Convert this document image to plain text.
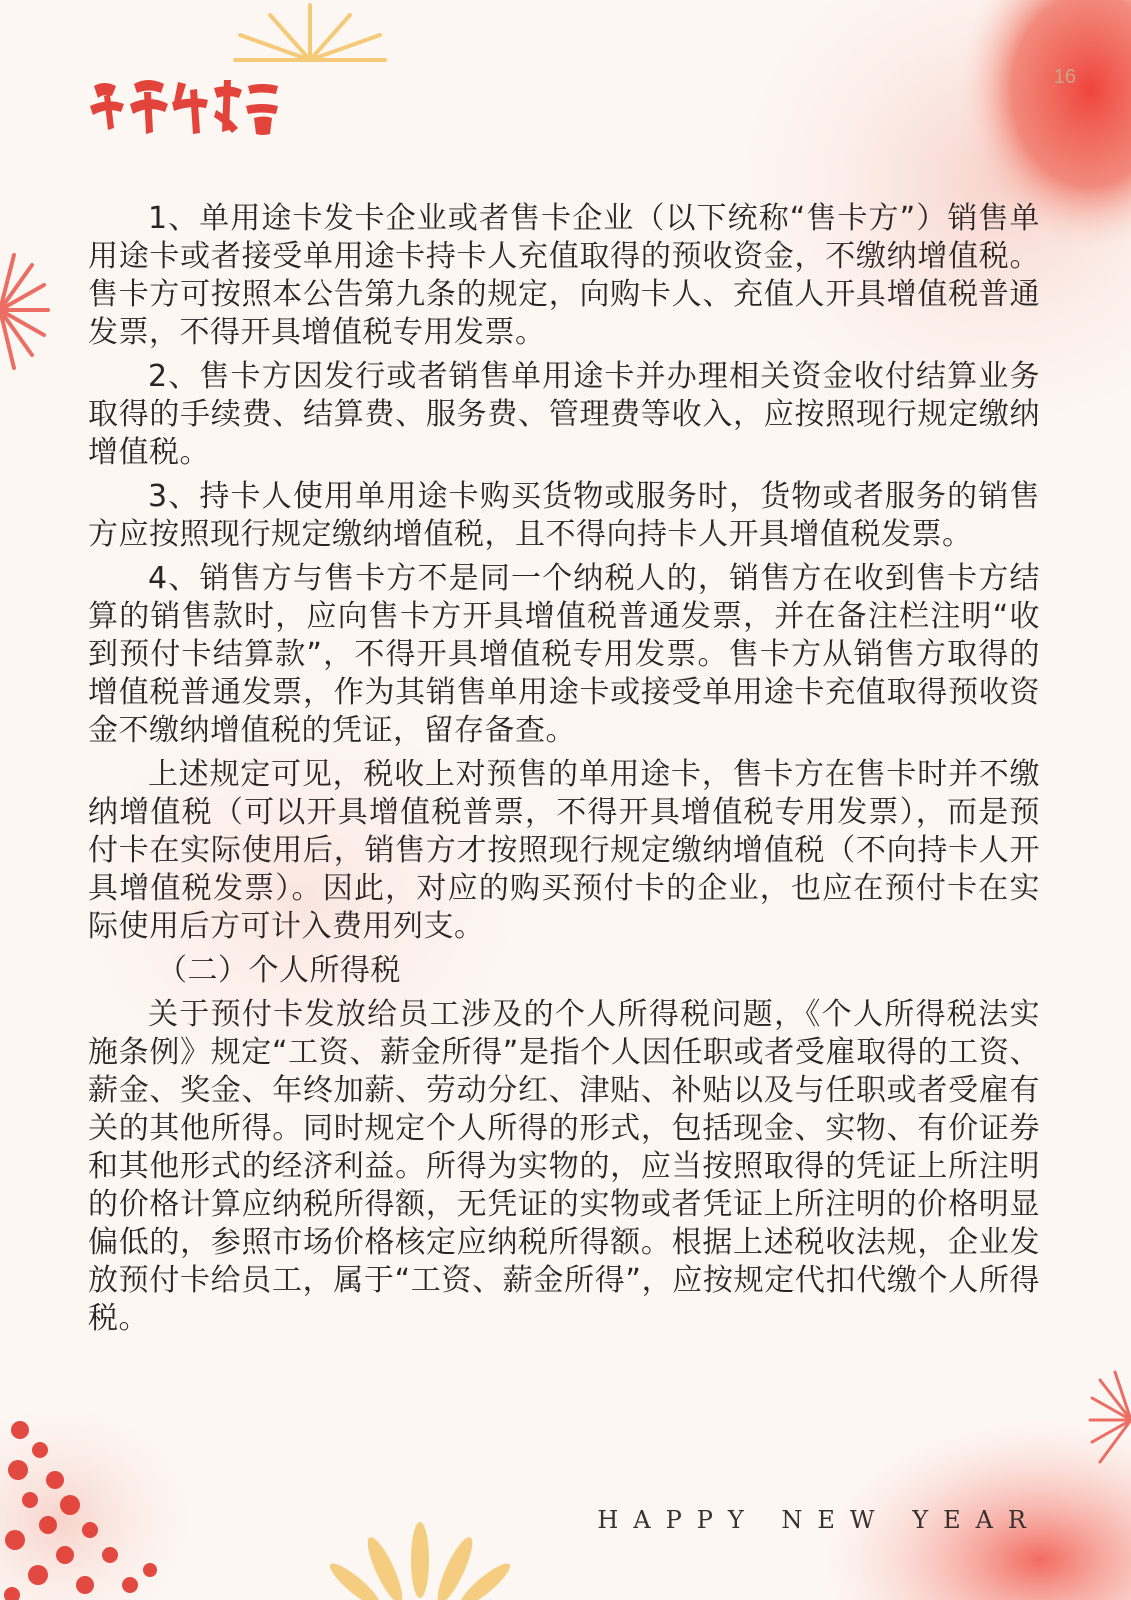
16

1、单用途卡发卡企业或者售卡企业（以下统称“售卡方”）销售单用途卡或者接受单用途卡持卡人充值取得的预收资金，不缴纳增值税。售卡方可按照本公告第九条的规定，向购卡人、充值人开具增值税普通发票，不得开具增值税专用发票。

2、售卡方因发行或者销售单用途卡并办理相关资金收付结算业务取得的手续费、结算费、服务费、管理费等收入，应按照现行规定缴纳增值税。

3、持卡人使用单用途卡购买货物或服务时，货物或者服务的销售方应按照现行规定缴纳增值税，且不得向持卡人开具增值税发票。

4、销售方与售卡方不是同一个纳税人的，销售方在收到售卡方结算的销售款时，应向售卡方开具增值税普通发票，并在备注栏注明“收到预付卡结算款”，不得开具增值税专用发票。售卡方从销售方取得的增值税普通发票，作为其销售单用途卡或接受单用途卡充值取得预收资金不缴纳增值税的凭证，留存备查。

上述规定可见，税收上对预售的单用途卡，售卡方在售卡时并不缴纳增值税（可以开具增值税普票，不得开具增值税专用发票），而是预付卡在实际使用后，销售方才按照现行规定缴纳增值税（不向持卡人开具增值税发票）。因此，对应的购买预付卡的企业，也应在预付卡在实际使用后方可计入费用列支。

（二）个人所得税

关于预付卡发放给员工涉及的个人所得税问题，《个人所得税法实施条例》规定“工资、薪金所得”是指个人因任职或者受雇取得的工资、薪金、奖金、年终加薪、劳动分红、津贴、补贴以及与任职或者受雇有关的其他所得。同时规定个人所得的形式，包括现金、实物、有价证券和其他形式的经济利益。所得为实物的，应当按照取得的凭证上所注明的价格计算应纳税所得额，无凭证的实物或者凭证上所注明的价格明显偏低的，参照市场价格核定应纳税所得额。根据上述税收法规，企业发放预付卡给员工，属于“工资、薪金所得”，应按规定代扣代缴个人所得税。

HAPPY NEW YEAR
